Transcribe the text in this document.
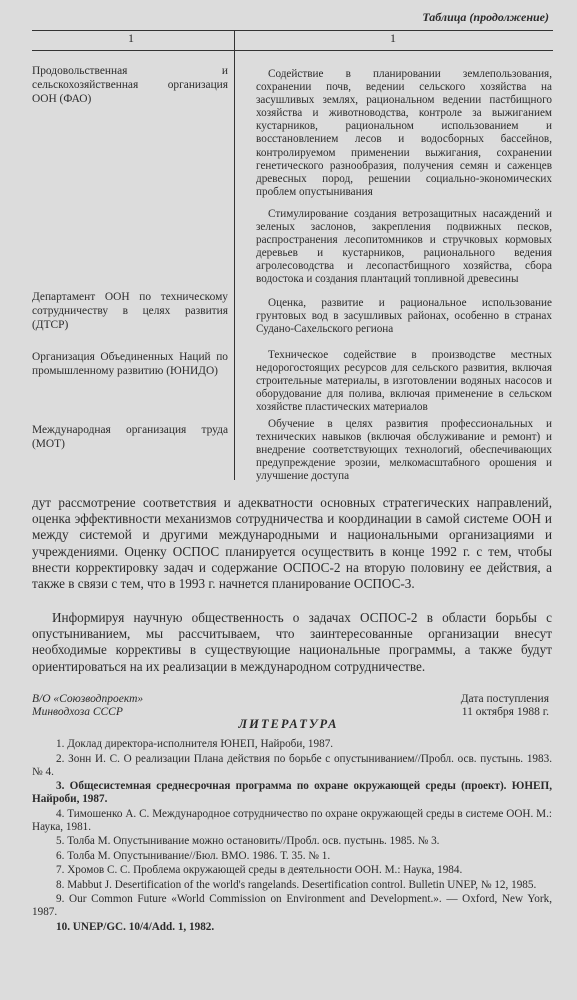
Таблица (продолжение)
1	1
Продовольственная и сельскохозяйственная организация ООН (ФАО)
Содействие в планировании землепользования, сохранении почв, ведении сельского хозяйства на засушливых землях, рациональном ведении пастбищного хозяйства и животноводства, контроле за выжиганием кустарников, рациональном использованием и восстановлением лесов и водосборных бассейнов, контролируемом применении выжигания, сохранении генетического разнообразия, получения семян и саженцев древесных пород, решении социально-экономических проблем опустынивания
Стимулирование создания ветрозащитных насаждений и зеленых заслонов, закрепления подвижных песков, распространения лесопитомников и стручковых кормовых деревьев и кустарников, рационального ведения агролесоводства и лесопастбищного хозяйства, сбора водостока и создания плантаций топливной древесины
Департамент ООН по техническому сотрудничеству в целях развития (ДТСР)
Оценка, развитие и рациональное использование грунтовых вод в засушливых районах, особенно в странах Судано-Сахельского региона
Организация Объединенных Наций по промышленному развитию (ЮНИДО)
Техническое содействие в производстве местных недорогостоящих ресурсов для сельского развития, включая строительные материалы, в изготовлении водяных насосов и оборудование для полива, включая применение в сельском хозяйстве пластических материалов
Международная организация труда (МОТ)
Обучение в целях развития профессиональных и технических навыков (включая обслуживание и ремонт) и внедрение соответствующих технологий, обеспечивающих предупреждение эрозии, мелкомасштабного орошения и улучшение доступа
дут рассмотрение соответствия и адекватности основных стратегических направлений, оценка эффективности механизмов сотрудничества и координации в самой системе ООН и между системой и другими международными и национальными организациями и учреждениями. Оценку ОСПОС планируется осуществить в конце 1992 г. с тем, чтобы внести корректировку задач и содержание ОСПОС-2 на вторую половину ее действия, а также в связи с тем, что в 1993 г. начнется планирование ОСПОС-3.
Информируя научную общественность о задачах ОСПОС-2 в области борьбы с опустыниванием, мы рассчитываем, что заинтересованные организации внесут необходимые коррективы в существующие национальные программы, а также будут ориентироваться на их реализации в международном сотрудничестве.
В/О «Союзводпроект»
Минводхоза СССР
Дата поступления
11 октября 1988 г.
ЛИТЕРАТУРА

1. Доклад директора-исполнителя ЮНЕП, Найроби, 1987.

2. Зонн И. С. О реализации Плана действия по борьбе с опустыниванием//Пробл. осв. пустынь. 1983. № 4.

3. Общесистемная среднесрочная программа по охране окружающей среды (проект). ЮНЕП, Найроби, 1987.

4. Тимошенко А. С. Международное сотрудничество по охране окружающей среды в системе ООН. М.: Наука, 1981.

5. Толба М. Опустынивание можно остановить//Пробл. осв. пустынь. 1985. № 3.

6. Толба М. Опустынивание//Бюл. ВМО. 1986. Т. 35. № 1.

7. Хромов С. С. Проблема окружающей среды в деятельности ООН. М.: Наука, 1984.

8. Mabbut J. Desertification of the world's rangelands. Desertification control. Bulletin UNEP, № 12, 1985.

9. Our Common Future «World Commission on Environment and Development.». — Oxford, New York, 1987.

10. UNEP/GC. 10/4/Add. 1, 1982.
